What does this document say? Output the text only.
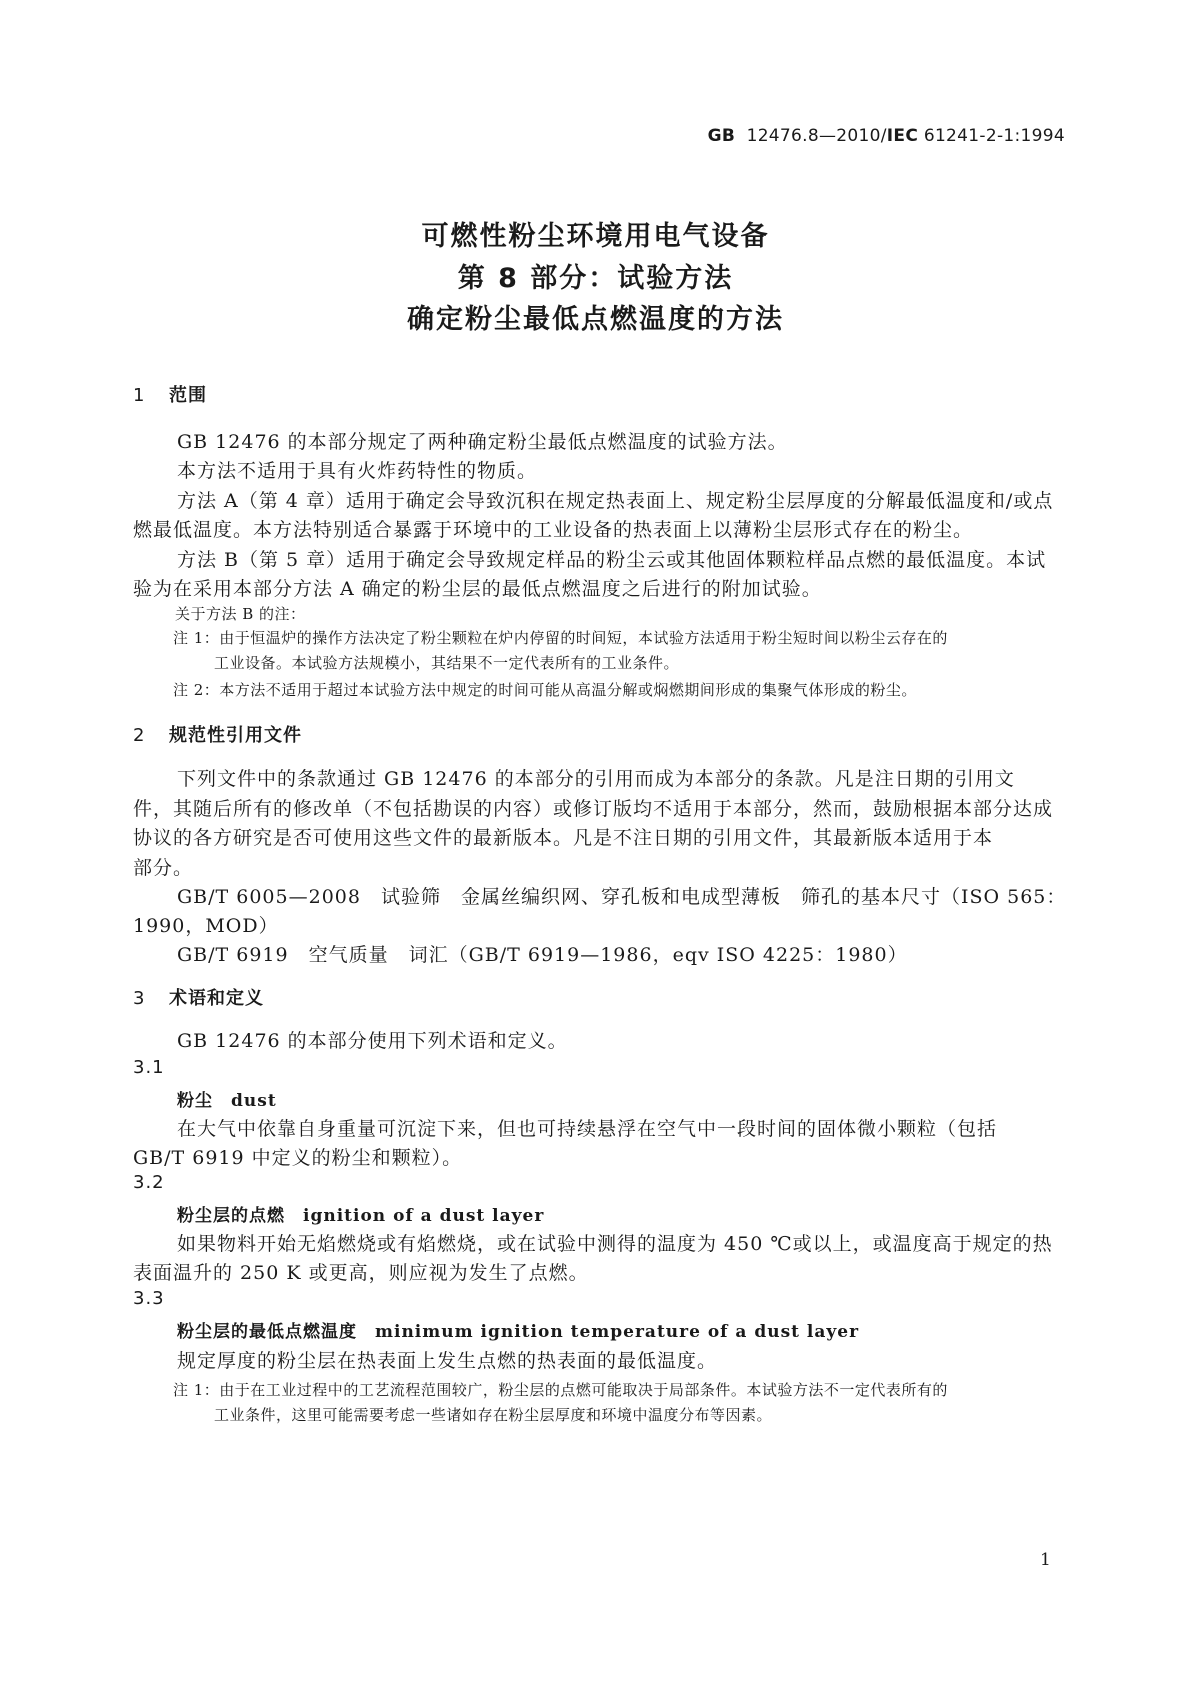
GB 12476.8—2010/IEC 61241-2-1:1994
可燃性粉尘环境用电气设备
第 8 部分：试验方法
确定粉尘最低点燃温度的方法
1 范围
GB 12476 的本部分规定了两种确定粉尘最低点燃温度的试验方法。
本方法不适用于具有火炸药特性的物质。
方法 A（第 4 章）适用于确定会导致沉积在规定热表面上、规定粉尘层厚度的分解最低温度和/或点
燃最低温度。本方法特别适合暴露于环境中的工业设备的热表面上以薄粉尘层形式存在的粉尘。
方法 B（第 5 章）适用于确定会导致规定样品的粉尘云或其他固体颗粒样品点燃的最低温度。本试
验为在采用本部分方法 A 确定的粉尘层的最低点燃温度之后进行的附加试验。
关于方法 B 的注：
注 1：由于恒温炉的操作方法决定了粉尘颗粒在炉内停留的时间短，本试验方法适用于粉尘短时间以粉尘云存在的
工业设备。本试验方法规模小，其结果不一定代表所有的工业条件。
注 2：本方法不适用于超过本试验方法中规定的时间可能从高温分解或焖燃期间形成的集聚气体形成的粉尘。
2 规范性引用文件
下列文件中的条款通过 GB 12476 的本部分的引用而成为本部分的条款。凡是注日期的引用文
件，其随后所有的修改单（不包括勘误的内容）或修订版均不适用于本部分，然而，鼓励根据本部分达成
协议的各方研究是否可使用这些文件的最新版本。凡是不注日期的引用文件，其最新版本适用于本
部分。
GB/T 6005—2008　试验筛　金属丝编织网、穿孔板和电成型薄板　筛孔的基本尺寸（ISO 565：
1990，MOD）
GB/T 6919　空气质量　词汇（GB/T 6919—1986，eqv ISO 4225：1980）
3 术语和定义
GB 12476 的本部分使用下列术语和定义。
3.1
粉尘 dust
在大气中依靠自身重量可沉淀下来，但也可持续悬浮在空气中一段时间的固体微小颗粒（包括
GB/T 6919 中定义的粉尘和颗粒）。
3.2
粉尘层的点燃 ignition of a dust layer
如果物料开始无焰燃烧或有焰燃烧，或在试验中测得的温度为 450 ℃或以上，或温度高于规定的热
表面温升的 250 K 或更高，则应视为发生了点燃。
3.3
粉尘层的最低点燃温度 minimum ignition temperature of a dust layer
规定厚度的粉尘层在热表面上发生点燃的热表面的最低温度。
注 1：由于在工业过程中的工艺流程范围较广，粉尘层的点燃可能取决于局部条件。本试验方法不一定代表所有的
工业条件，这里可能需要考虑一些诸如存在粉尘层厚度和环境中温度分布等因素。
1
